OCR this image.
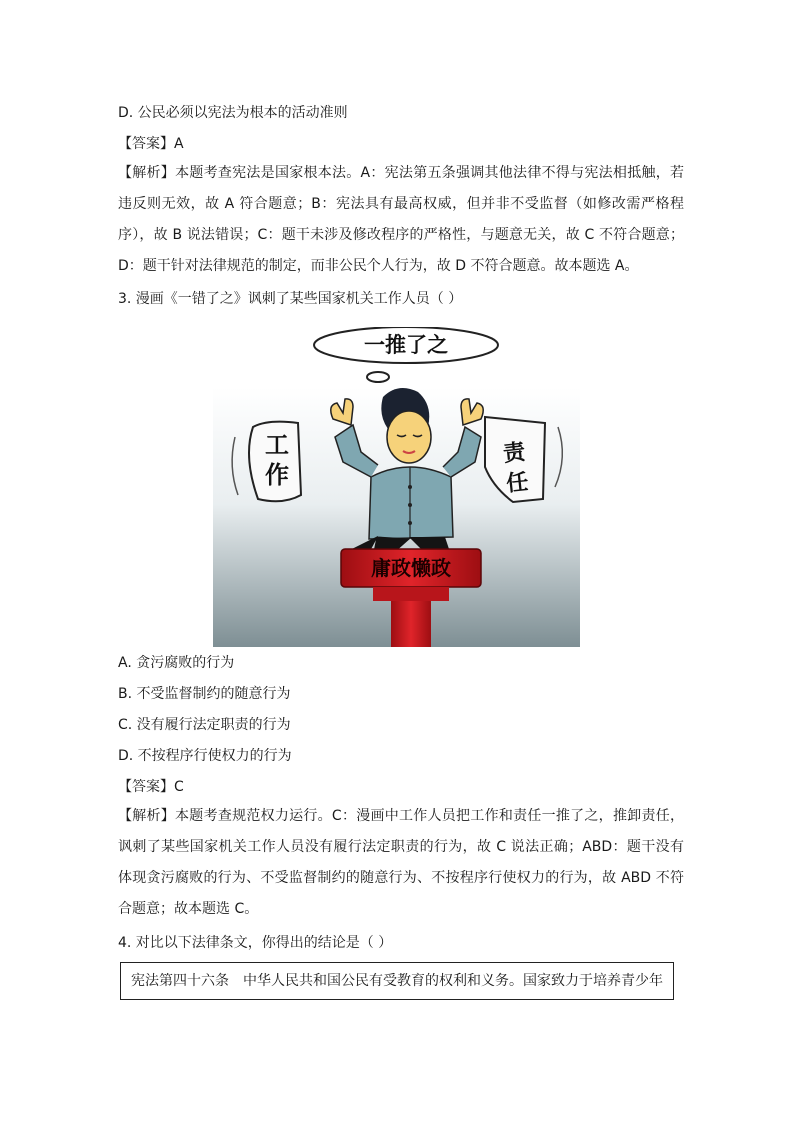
D. 公民必须以宪法为根本的活动准则
【答案】A
【解析】本题考查宪法是国家根本法。A：宪法第五条强调其他法律不得与宪法相抵触，若违反则无效，故 A 符合题意；B：宪法具有最高权威，但并非不受监督（如修改需严格程序），故 B 说法错误；C：题干未涉及修改程序的严格性，与题意无关，故 C 不符合题意；D：题干针对法律规范的制定，而非公民个人行为，故 D 不符合题意。故本题选 A。
3. 漫画《一错了之》讽刺了某些国家机关工作人员（ ）
一推了之
工作
责任
庸政懒政
A. 贪污腐败的行为
B. 不受监督制约的随意行为
C. 没有履行法定职责的行为
D. 不按程序行使权力的行为
【答案】C
【解析】本题考查规范权力运行。C：漫画中工作人员把工作和责任一推了之，推卸责任，讽刺了某些国家机关工作人员没有履行法定职责的行为，故 C 说法正确；ABD：题干没有体现贪污腐败的行为、不受监督制约的随意行为、不按程序行使权力的行为，故 ABD 不符合题意；故本题选 C。
4. 对比以下法律条文，你得出的结论是（ ）
宪法第四十六条　中华人民共和国公民有受教育的权利和义务。国家致力于培养青少年
